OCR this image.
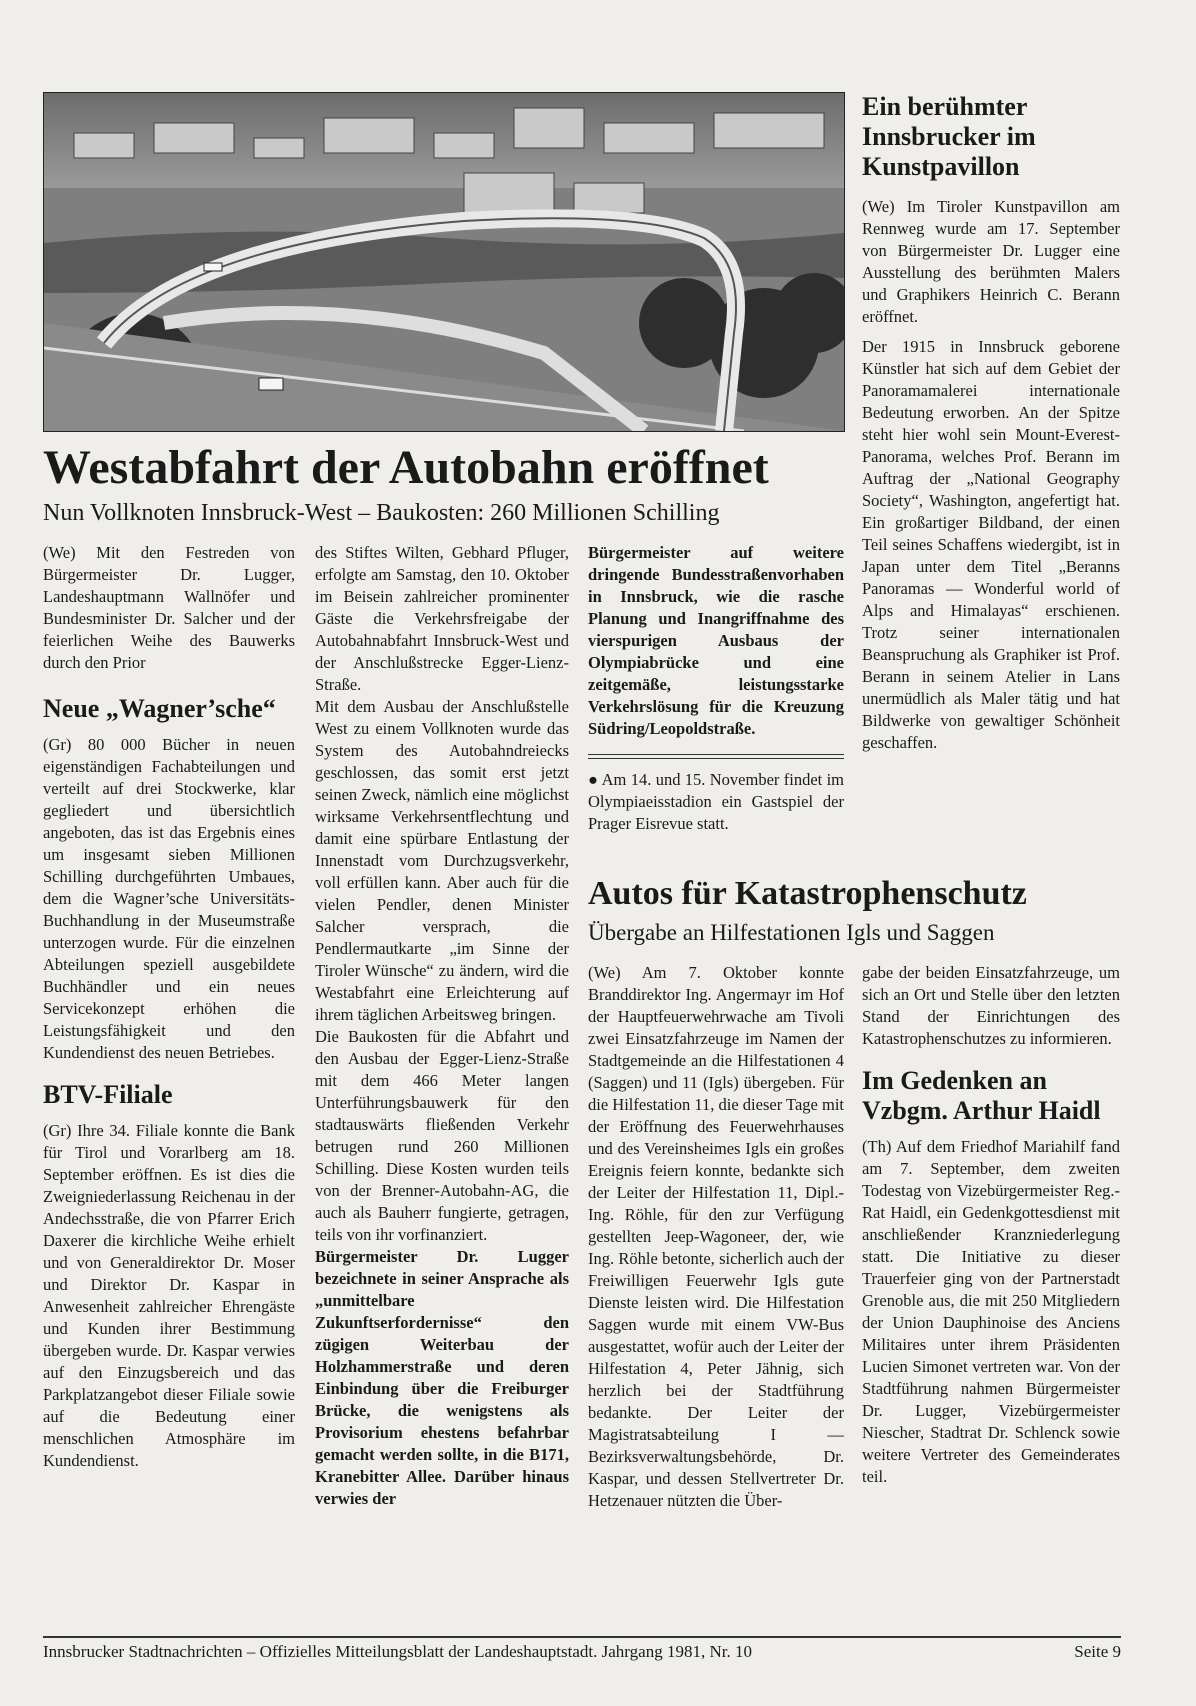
Westabfahrt der Autobahn eröffnet

Nun Vollknoten Innsbruck-West – Baukosten: 260 Millionen Schilling

(We) Mit den Festreden von Bürgermeister Dr. Lugger, Landeshauptmann Wallnöfer und Bundesminister Dr. Salcher und der feierlichen Weihe des Bauwerks durch den Prior

Neue „Wagner’sche“

(Gr) 80 000 Bücher in neuen eigenständigen Fachabteilungen und verteilt auf drei Stockwerke, klar gegliedert und übersichtlich angeboten, das ist das Ergebnis eines um insgesamt sieben Millionen Schilling durchgeführten Umbaues, dem die Wagner’sche Universitäts-Buchhandlung in der Museumstraße unterzogen wurde. Für die einzelnen Abteilungen speziell ausgebildete Buchhändler und ein neues Servicekonzept erhöhen die Leistungsfähigkeit und den Kundendienst des neuen Betriebes.

BTV-Filiale

(Gr) Ihre 34. Filiale konnte die Bank für Tirol und Vorarlberg am 18. September eröffnen. Es ist dies die Zweigniederlassung Reichenau in der Andechsstraße, die von Pfarrer Erich Daxerer die kirchliche Weihe erhielt und von Generaldirektor Dr. Moser und Direktor Dr. Kaspar in Anwesenheit zahlreicher Ehrengäste und Kunden ihrer Bestimmung übergeben wurde. Dr. Kaspar verwies auf den Einzugsbereich und das Parkplatzangebot dieser Filiale sowie auf die Bedeutung einer menschlichen Atmosphäre im Kundendienst.

des Stiftes Wilten, Gebhard Pfluger, erfolgte am Samstag, den 10. Oktober im Beisein zahlreicher prominenter Gäste die Verkehrsfreigabe der Autobahnabfahrt Innsbruck-West und der Anschlußstrecke Egger-Lienz-Straße.

Mit dem Ausbau der Anschlußstelle West zu einem Vollknoten wurde das System des Autobahndreiecks geschlossen, das somit erst jetzt seinen Zweck, nämlich eine möglichst wirksame Verkehrsentflechtung und damit eine spürbare Entlastung der Innenstadt vom Durchzugsverkehr, voll erfüllen kann. Aber auch für die vielen Pendler, denen Minister Salcher versprach, die Pendlermautkarte „im Sinne der Tiroler Wünsche“ zu ändern, wird die Westabfahrt eine Erleichterung auf ihrem täglichen Arbeitsweg bringen.

Die Baukosten für die Abfahrt und den Ausbau der Egger-Lienz-Straße mit dem 466 Meter langen Unterführungsbauwerk für den stadtauswärts fließenden Verkehr betrugen rund 260 Millionen Schilling. Diese Kosten wurden teils von der Brenner-Autobahn-AG, die auch als Bauherr fungierte, getragen, teils von ihr vorfinanziert.

Bürgermeister Dr. Lugger bezeichnete in seiner Ansprache als „unmittelbare Zukunftserfordernisse“ den zügigen Weiterbau der Holzhammerstraße und deren Einbindung über die Freiburger Brücke, die wenigstens als Provisorium ehestens befahrbar gemacht werden sollte, in die B171, Kranebitter Allee. Darüber hinaus verwies der

Bürgermeister auf weitere dringende Bundesstraßenvorhaben in Innsbruck, wie die rasche Planung und Inangriffnahme des vierspurigen Ausbaus der Olympiabrücke und eine zeitgemäße, leistungsstarke Verkehrslösung für die Kreuzung Südring/Leopoldstraße.

● Am 14. und 15. November findet im Olympiaeisstadion ein Gastspiel der Prager Eisrevue statt.

Ein berühmter Innsbrucker im Kunstpavillon

(We) Im Tiroler Kunstpavillon am Rennweg wurde am 17. September von Bürgermeister Dr. Lugger eine Ausstellung des berühmten Malers und Graphikers Heinrich C. Berann eröffnet.

Der 1915 in Innsbruck geborene Künstler hat sich auf dem Gebiet der Panoramamalerei internationale Bedeutung erworben. An der Spitze steht hier wohl sein Mount-Everest-Panorama, welches Prof. Berann im Auftrag der „National Geography Society“, Washington, angefertigt hat. Ein großartiger Bildband, der einen Teil seines Schaffens wiedergibt, ist in Japan unter dem Titel „Beranns Panoramas — Wonderful world of Alps and Himalayas“ erschienen. Trotz seiner internationalen Beanspruchung als Graphiker ist Prof. Berann in seinem Atelier in Lans unermüdlich als Maler tätig und hat Bildwerke von gewaltiger Schönheit geschaffen.

Autos für Katastrophenschutz

Übergabe an Hilfestationen Igls und Saggen

(We) Am 7. Oktober konnte Branddirektor Ing. Angermayr im Hof der Hauptfeuerwehrwache am Tivoli zwei Einsatzfahrzeuge im Namen der Stadtgemeinde an die Hilfestationen 4 (Saggen) und 11 (Igls) übergeben. Für die Hilfestation 11, die dieser Tage mit der Eröffnung des Feuerwehrhauses und des Vereinsheimes Igls ein großes Ereignis feiern konnte, bedankte sich der Leiter der Hilfestation 11, Dipl.-Ing. Röhle, für den zur Verfügung gestellten Jeep-Wagoneer, der, wie Ing. Röhle betonte, sicherlich auch der Freiwilligen Feuerwehr Igls gute Dienste leisten wird. Die Hilfestation Saggen wurde mit einem VW-Bus ausgestattet, wofür auch der Leiter der Hilfestation 4, Peter Jähnig, sich herzlich bei der Stadtführung bedankte. Der Leiter der Magistratsabteilung I — Bezirksverwaltungsbehörde, Dr. Kaspar, und dessen Stellvertreter Dr. Hetzenauer nützten die Über-

gabe der beiden Einsatzfahrzeuge, um sich an Ort und Stelle über den letzten Stand der Einrichtungen des Katastrophenschutzes zu informieren.

Im Gedenken an Vzbgm. Arthur Haidl

(Th) Auf dem Friedhof Mariahilf fand am 7. September, dem zweiten Todestag von Vizebürgermeister Reg.-Rat Haidl, ein Gedenkgottesdienst mit anschließender Kranzniederlegung statt. Die Initiative zu dieser Trauerfeier ging von der Partnerstadt Grenoble aus, die mit 250 Mitgliedern der Union Dauphinoise des Anciens Militaires unter ihrem Präsidenten Lucien Simonet vertreten war. Von der Stadtführung nahmen Bürgermeister Dr. Lugger, Vizebürgermeister Niescher, Stadtrat Dr. Schlenck sowie weitere Vertreter des Gemeinderates teil.

Innsbrucker Stadtnachrichten – Offizielles Mitteilungsblatt der Landeshauptstadt. Jahrgang 1981, Nr. 10	Seite 9
